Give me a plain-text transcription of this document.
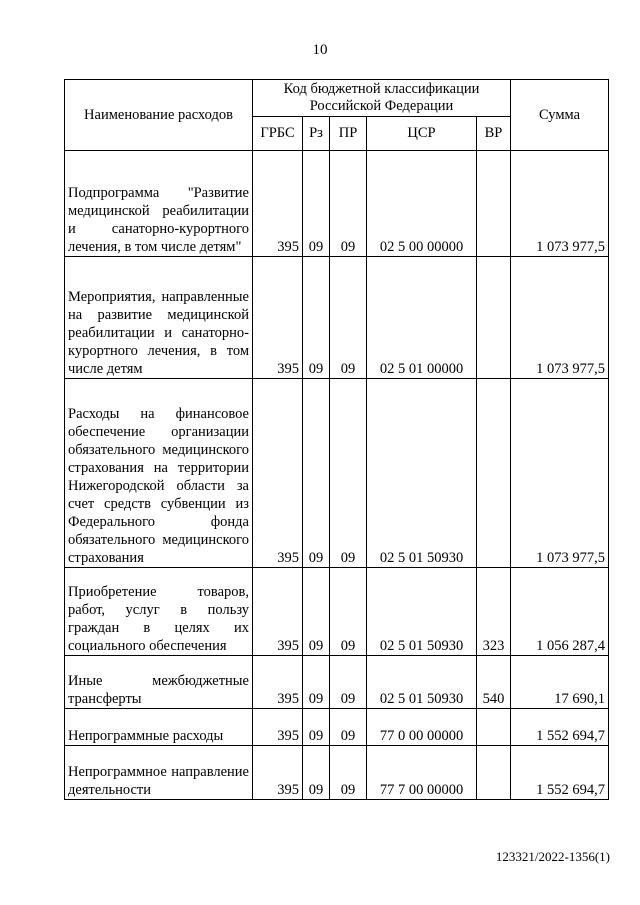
10
Наименование расходов	Код бюджетной классификации Российской Федерации					Сумма
	ГРБС	Рз	ПР	ЦСР	ВР	
Подпрограмма "Развитие медицинской реабилитации и санаторно-курортного лечения, в том числе детям"	395	09	09	02 5 00 00000		1 073 977,5
Мероприятия, направленные на развитие медицинской реабилитации и санаторно-курортного лечения, в том числе детям	395	09	09	02 5 01 00000		1 073 977,5
Расходы на финансовое обеспечение организации обязательного медицинского страхования на территории Нижегородской области за счет средств субвенции из Федерального фонда обязательного медицинского страхования	395	09	09	02 5 01 50930		1 073 977,5
Приобретение товаров, работ, услуг в пользу граждан в целях их социального обеспечения	395	09	09	02 5 01 50930	323	1 056 287,4
Иные межбюджетные трансферты	395	09	09	02 5 01 50930	540	17 690,1
Непрограммные расходы	395	09	09	77 0 00 00000		1 552 694,7
Непрограммное направление деятельности	395	09	09	77 7 00 00000		1 552 694,7
123321/2022-1356(1)
